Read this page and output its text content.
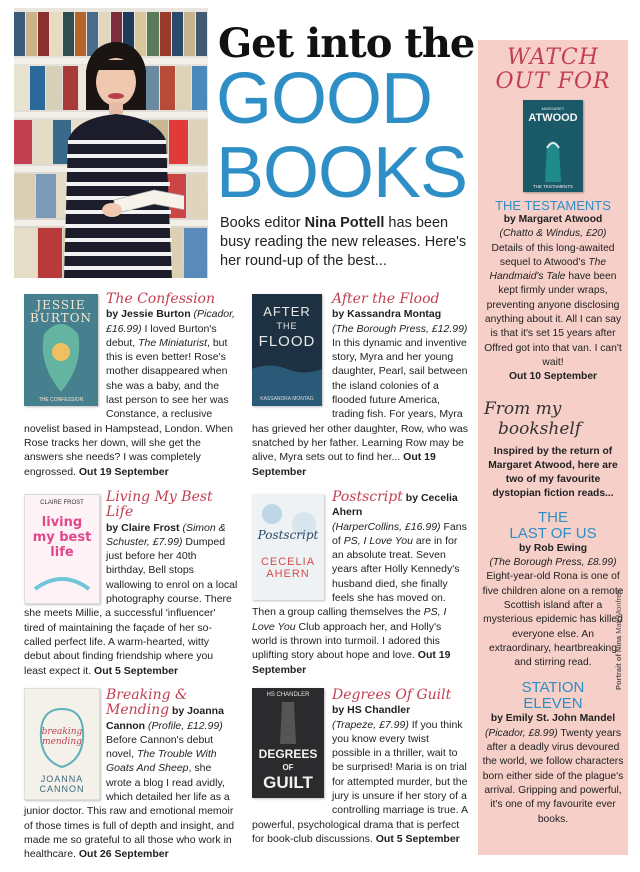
Get into the
GOOD
BOOKS
Books editor Nina Pottell has been busy reading the new releases. Here's her round-up of the best...
JESSIE
BURTON
THE CONFESSION
The Confession
by Jessie Burton (Picador, £16.99) I loved Burton's debut, The Miniaturist, but this is even better! Rose's mother disappeared when she was a baby, and the last person to see her was Constance, a reclusive novelist based in Hampstead, London. When Rose tracks her down, will she get the answers she needs? I was completely engrossed. Out 19 September
AFTER
THE
FLOOD
KASSANDRA MONTAG
After the Flood
by Kassandra Montag
(The Borough Press, £12.99) In this dynamic and inventive story, Myra and her young daughter, Pearl, sail between the island colonies of a flooded future America, trading fish. For years, Myra has grieved her other daughter, Row, who was snatched by her father. Learning Row may be alive, Myra sets out to find her... Out 19 September
CLAIRE FROST
living
my best
life
Living My Best Life
by Claire Frost (Simon & Schuster, £7.99) Dumped just before her 40th birthday, Bell stops wallowing to enrol on a local photography course. There she meets Millie, a successful 'influencer' tired of maintaining the façade of her so-called perfect life. A warm-hearted, witty debut about finding friendship where you least expect it. Out 5 September
Postscript
CECELIA
AHERN
Postscript by Cecelia Ahern
(HarperCollins, £16.99) Fans of PS, I Love You are in for an absolute treat. Seven years after Holly Kennedy's husband died, she finally feels she has moved on. Then a group calling themselves the PS, I Love You Club approach her, and Holly's world is thrown into turmoil. I adored this uplifting story about hope and love. Out 19 September
breaking
mending
JOANNA
CANNON
Breaking & Mending by Joanna Cannon (Profile, £12.99) Before Cannon's debut novel, The Trouble With Goats And Sheep, she wrote a blog I read avidly, which detailed her life as a junior doctor. This raw and emotional memoir of those times is full of depth and insight, and made me so grateful to all those who work in healthcare. Out 26 September
HS CHANDLER
DEGREES
OF
GUILT
Degrees Of Guilt
by HS Chandler
(Trapeze, £7.99) If you think you know every twist possible in a thriller, wait to be surprised! Maria is on trial for attempted murder, but the jury is unsure if her story of a controlling marriage is true. A powerful, psychological drama that is perfect for book-club discussions. Out 5 September
WATCH
OUT FOR
MARGARET
ATWOOD
THE TESTAMENTS
THE TESTAMENTS
by Margaret Atwood
(Chatto & Windus, £20)
Details of this long-awaited sequel to Atwood's The Handmaid's Tale have been kept firmly under wraps, preventing anyone disclosing anything about it. All I can say is that it's set 15 years after Offred got into that van. I can't wait!
Out 10 September
From my
bookshelf
Inspired by the return of Margaret Atwood, here are two of my favourite dystopian fiction reads...
THE
LAST OF US
by Rob Ewing
(The Borough Press, £8.99) Eight-year-old Rona is one of five children alone on a remote Scottish island after a mysterious epidemic has killed everyone else. An extraordinary, heartbreaking and stirring read.
STATION
ELEVEN
by Emily St. John Mandel
(Picador, £8.99) Twenty years after a deadly virus devoured the world, we follow characters born either side of the plague's arrival. Gripping and powerful, it's one of my favourite ever books.
Portrait of Nina Matt Monfred.
